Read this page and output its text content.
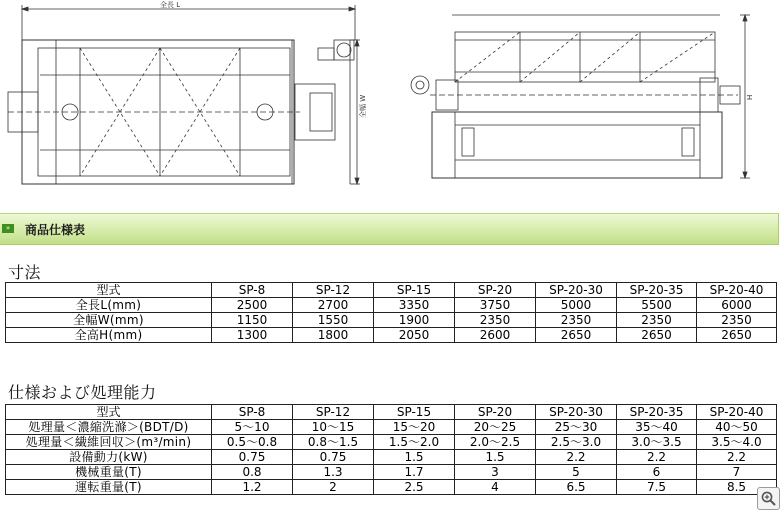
全長 L
全幅 W	H
»	商品仕様表
寸法
型式	SP-8	SP-12	SP-15	SP-20	SP-20-30	SP-20-35	SP-20-40
全長L(mm)	2500	2700	3350	3750	5000	5500	6000
全幅W(mm)	1150	1550	1900	2350	2350	2350	2350
全高H(mm)	1300	1800	2050	2600	2650	2650	2650
仕様および処理能力
型式	SP-8	SP-12	SP-15	SP-20	SP-20-30	SP-20-35	SP-20-40
処理量＜濃縮洗滌＞(BDT/D)	5〜10	10〜15	15〜20	20〜25	25〜30	35〜40	40〜50
処理量＜繊維回収＞(m³/min)	0.5〜0.8	0.8〜1.5	1.5〜2.0	2.0〜2.5	2.5〜3.0	3.0〜3.5	3.5〜4.0
設備動力(kW)	0.75	0.75	1.5	1.5	2.2	2.2	2.2
機械重量(T)	0.8	1.3	1.7	3	5	6	7
運転重量(T)	1.2	2	2.5	4	6.5	7.5	8.5
